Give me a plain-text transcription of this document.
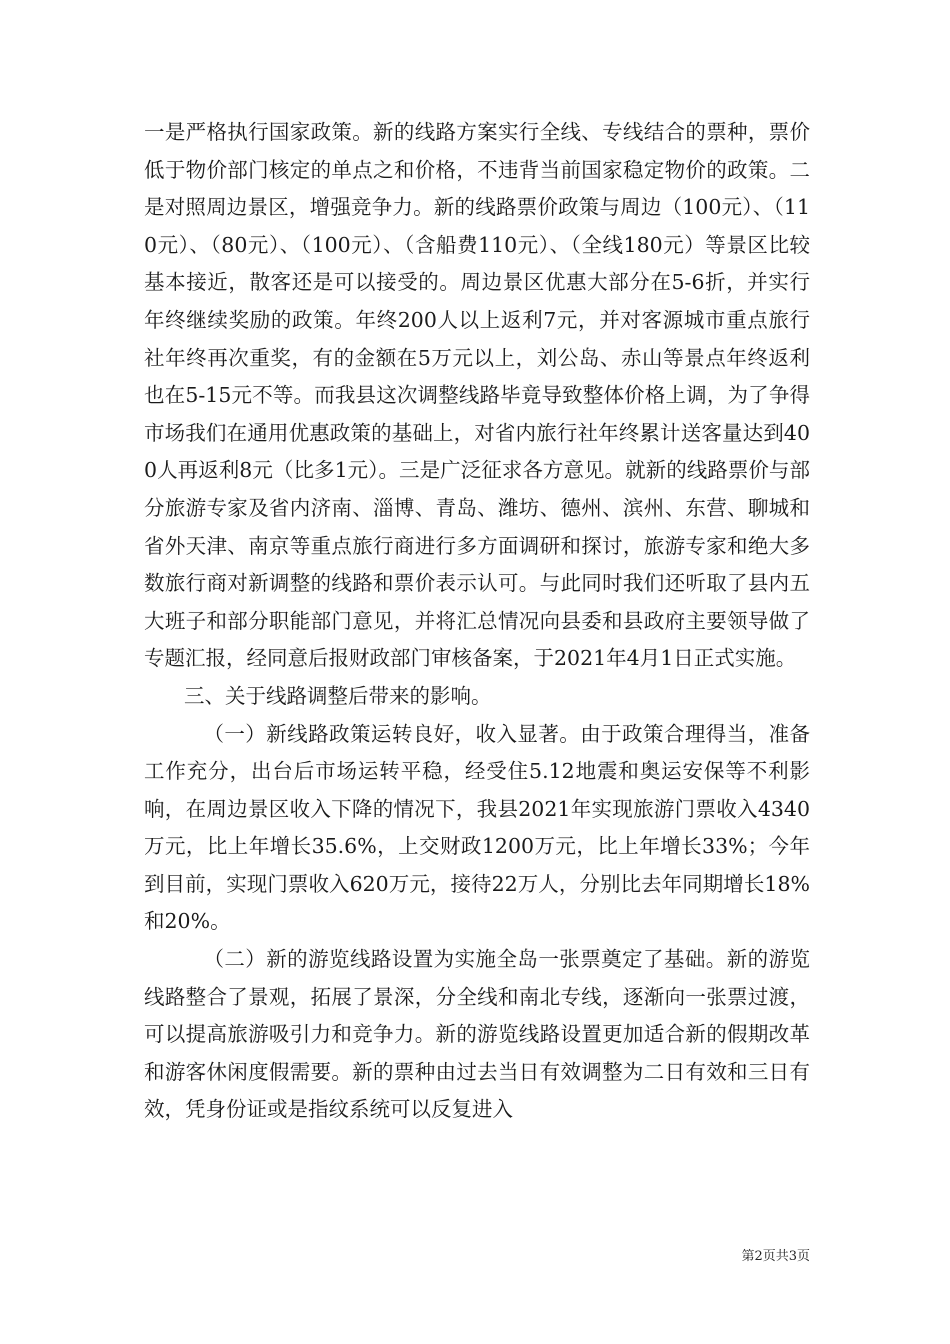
一是严格执行国家政策。新的线路方案实行全线、专线结合的票种，票价低于物价部门核定的单点之和价格，不违背当前国家稳定物价的政策。二是对照周边景区，增强竞争力。新的线路票价政策与周边（100元）、（110元）、（80元）、（100元）、（含船费110元）、（全线180元）等景区比较基本接近，散客还是可以接受的。周边景区优惠大部分在5-6折，并实行年终继续奖励的政策。年终200人以上返利7元，并对客源城市重点旅行社年终再次重奖，有的金额在5万元以上，刘公岛、赤山等景点年终返利也在5-15元不等。而我县这次调整线路毕竟导致整体价格上调，为了争得市场我们在通用优惠政策的基础上，对省内旅行社年终累计送客量达到400人再返利8元（比多1元）。三是广泛征求各方意见。就新的线路票价与部分旅游专家及省内济南、淄博、青岛、潍坊、德州、滨州、东营、聊城和省外天津、南京等重点旅行商进行多方面调研和探讨，旅游专家和绝大多数旅行商对新调整的线路和票价表示认可。与此同时我们还听取了县内五大班子和部分职能部门意见，并将汇总情况向县委和县政府主要领导做了专题汇报，经同意后报财政部门审核备案，于2021年4月1日正式实施。

三、关于线路调整后带来的影响。

（一）新线路政策运转良好，收入显著。由于政策合理得当，准备工作充分，出台后市场运转平稳，经受住5.12地震和奥运安保等不利影响，在周边景区收入下降的情况下，我县2021年实现旅游门票收入4340万元，比上年增长35.6%，上交财政1200万元，比上年增长33%；今年到目前，实现门票收入620万元，接待22万人，分别比去年同期增长18%和20%。

（二）新的游览线路设置为实施全岛一张票奠定了基础。新的游览线路整合了景观，拓展了景深，分全线和南北专线，逐渐向一张票过渡，可以提高旅游吸引力和竞争力。新的游览线路设置更加适合新的假期改革和游客休闲度假需要。新的票种由过去当日有效调整为二日有效和三日有效，凭身份证或是指纹系统可以反复进入

第2页共3页
